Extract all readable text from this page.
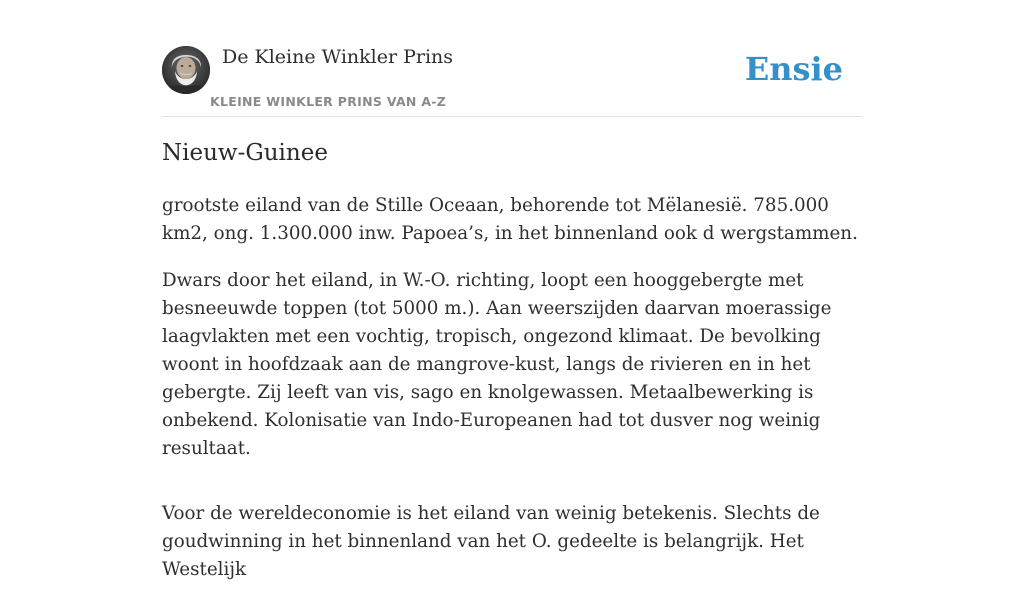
De Kleine Winkler Prins
KLEINE WINKLER PRINS VAN A-Z
Ensie
Nieuw-Guinee

grootste eiland van de Stille Oceaan, behorende tot Mëlanesië. 785.000 km2, ong. 1.300.000 inw. Papoea’s, in het binnenland ook d wergstammen.

Dwars door het eiland, in W.-O. richting, loopt een hooggebergte met besneeuwde toppen (tot 5000 m.). Aan weerszijden daarvan moerassige laagvlakten met een vochtig, tropisch, ongezond klimaat. De bevolking woont in hoofdzaak aan de mangrove-kust, langs de rivieren en in het gebergte. Zij leeft van vis, sago en knolgewassen. Metaalbewerking is onbekend. Kolonisatie van Indo-Europeanen had tot dusver nog weinig resultaat.

Voor de wereldeconomie is het eiland van weinig betekenis. Slechts de goudwinning in het binnenland van het O. gedeelte is belangrijk. Het Westelijk
